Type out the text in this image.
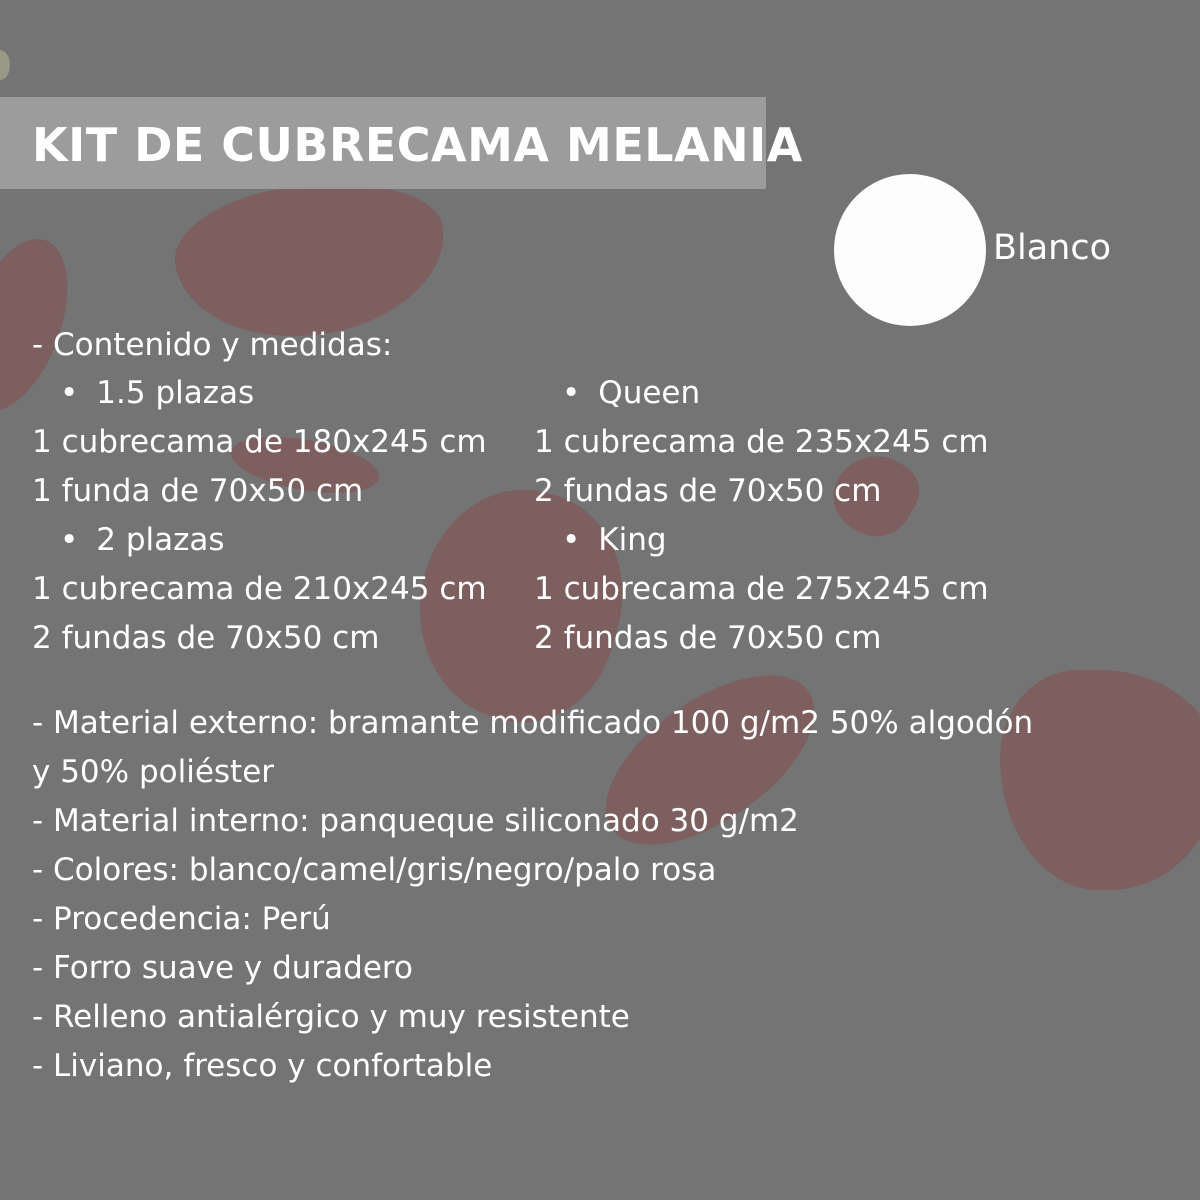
KIT DE CUBRECAMA MELANIA
Blanco
- Contenido y medidas:
• 1.5 plazas
1 cubrecama de 180x245 cm
1 funda de 70x50 cm
• 2 plazas
1 cubrecama de 210x245 cm
2 fundas de 70x50 cm
• Queen
1 cubrecama de 235x245 cm
2 fundas de 70x50 cm
• King
1 cubrecama de 275x245 cm
2 fundas de 70x50 cm
- Material externo: bramante modificado 100 g/m2 50% algodón
y 50% poliéster
- Material interno: panqueque siliconado 30 g/m2
- Colores: blanco/camel/gris/negro/palo rosa
- Procedencia: Perú
- Forro suave y duradero
- Relleno antialérgico y muy resistente
- Liviano, fresco y confortable
